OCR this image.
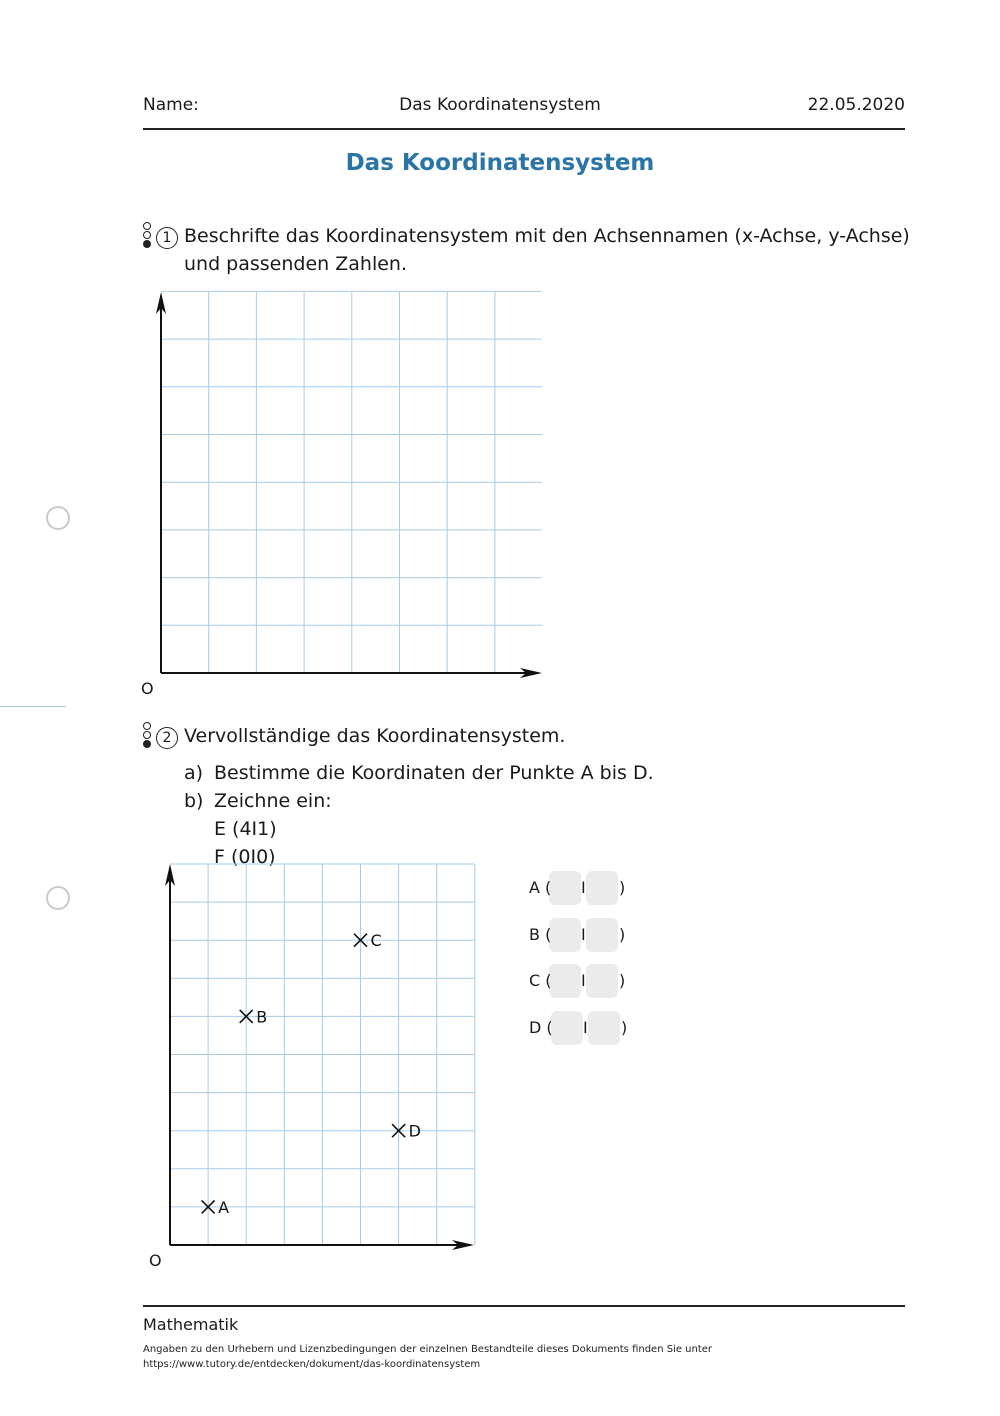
Name:	Das Koordinatensystem	22.05.2020
Das Koordinatensystem
1 Beschrifte das Koordinatensystem mit den Achsennamen (x-Achse, y-Achse)
und passenden Zahlen.
O
2 Vervollständige das Koordinatensystem.
a) Bestimme die Koordinaten der Punkte A bis D.
b) Zeichne ein:
E (4I1)
F (0I0)
A
B
C
D
O
A ( I )
B ( I )
C ( I )
D ( I )
Mathematik
Angaben zu den Urhebern und Lizenzbedingungen der einzelnen Bestandteile dieses Dokuments finden Sie unter
https://www.tutory.de/entdecken/dokument/das-koordinatensystem
